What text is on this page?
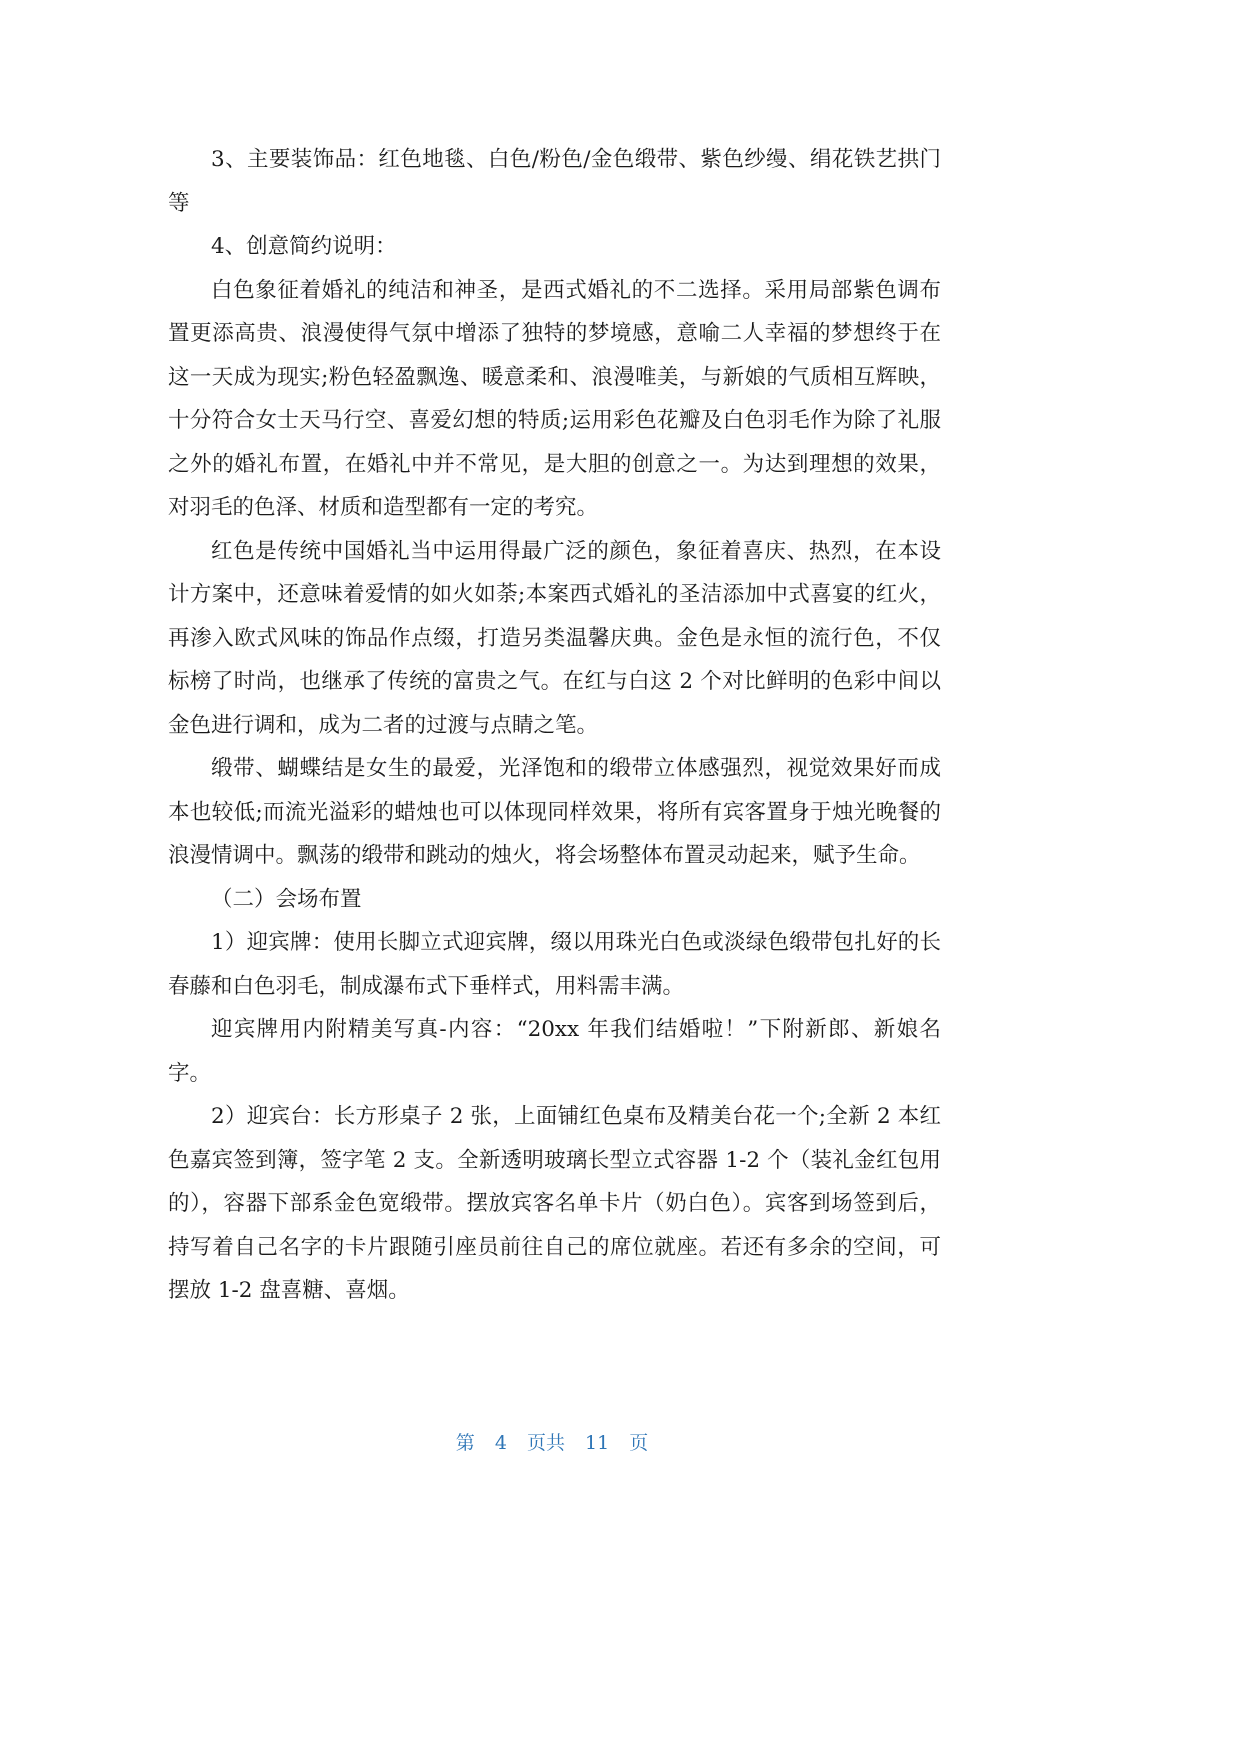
3、主要装饰品：红色地毯、白色/粉色/金色缎带、紫色纱缦、绢花铁艺拱门等

4、创意简约说明：

白色象征着婚礼的纯洁和神圣，是西式婚礼的不二选择。采用局部紫色调布置更添高贵、浪漫使得气氛中增添了独特的梦境感，意喻二人幸福的梦想终于在这一天成为现实;粉色轻盈飘逸、暖意柔和、浪漫唯美，与新娘的气质相互辉映，十分符合女士天马行空、喜爱幻想的特质;运用彩色花瓣及白色羽毛作为除了礼服之外的婚礼布置，在婚礼中并不常见，是大胆的创意之一。为达到理想的效果，对羽毛的色泽、材质和造型都有一定的考究。

红色是传统中国婚礼当中运用得最广泛的颜色，象征着喜庆、热烈，在本设计方案中，还意味着爱情的如火如荼;本案西式婚礼的圣洁添加中式喜宴的红火，再渗入欧式风味的饰品作点缀，打造另类温馨庆典。金色是永恒的流行色，不仅标榜了时尚，也继承了传统的富贵之气。在红与白这 2 个对比鲜明的色彩中间以金色进行调和，成为二者的过渡与点睛之笔。

缎带、蝴蝶结是女生的最爱，光泽饱和的缎带立体感强烈，视觉效果好而成本也较低;而流光溢彩的蜡烛也可以体现同样效果，将所有宾客置身于烛光晚餐的浪漫情调中。飘荡的缎带和跳动的烛火，将会场整体布置灵动起来，赋予生命。

（二）会场布置

1）迎宾牌：使用长脚立式迎宾牌，缀以用珠光白色或淡绿色缎带包扎好的长春藤和白色羽毛，制成瀑布式下垂样式，用料需丰满。

迎宾牌用内附精美写真-内容：“20xx 年我们结婚啦！”下附新郎、新娘名字。

2）迎宾台：长方形桌子 2 张，上面铺红色桌布及精美台花一个;全新 2 本红色嘉宾签到簿，签字笔 2 支。全新透明玻璃长型立式容器 1-2 个（装礼金红包用的），容器下部系金色宽缎带。摆放宾客名单卡片（奶白色）。宾客到场签到后，持写着自己名字的卡片跟随引座员前往自己的席位就座。若还有多余的空间，可摆放 1-2 盘喜糖、喜烟。

第 4 页共 11 页
